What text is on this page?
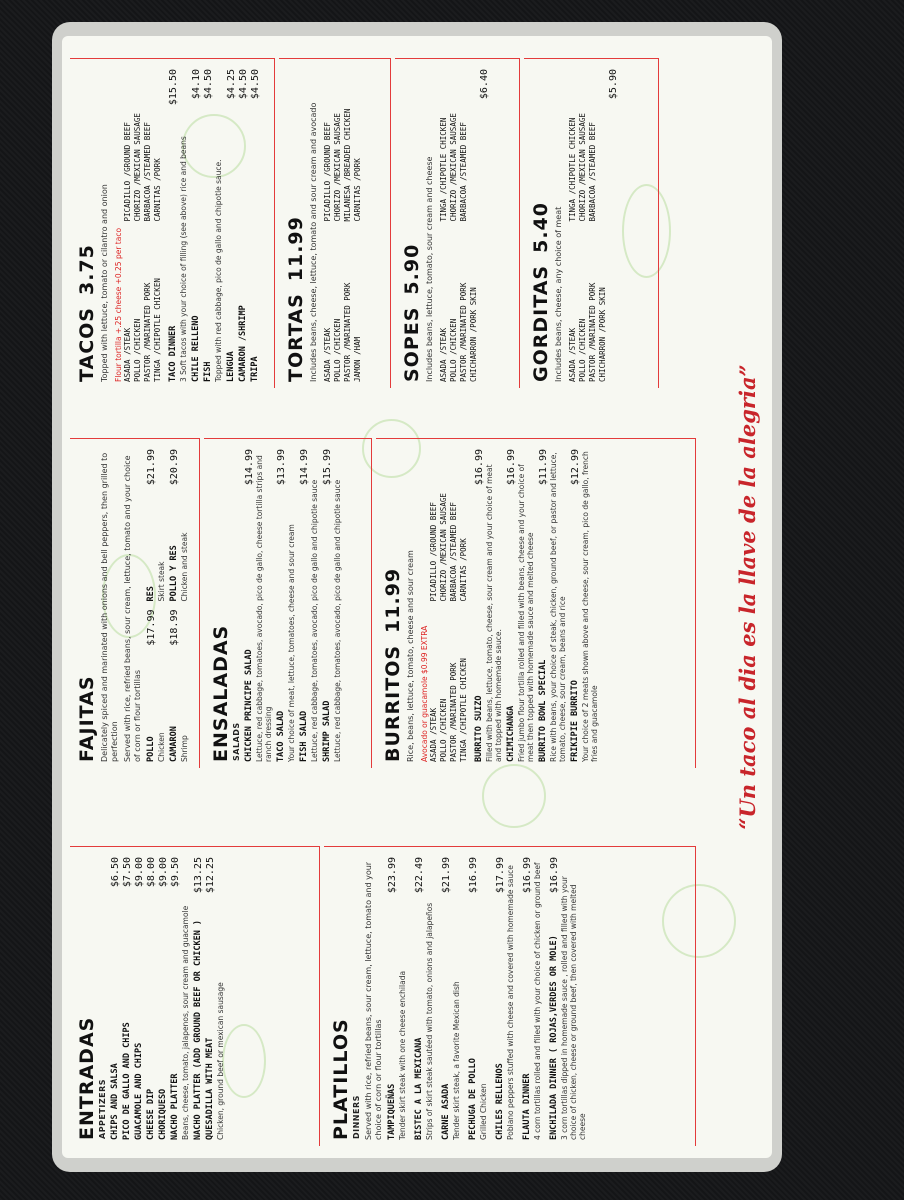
ENTRADAS APPETIZERS CHIPS AND SALSA
$6.50
PICO DE GALLO AND CHIPS
$7.50
GUACAMOLE AND CHIPS
$9.00
CHEESE DIP
$8.00
CHORIQUESO
$9.00
NACHO PLATTER
$9.50
Beans, cheese, tomato, jalapenos, sour cream and guacamole NACHO PLATTER (ADD GROUND BEEF OR CHICKEN )
$13.25
QUESADILLA WITH MEAT
$12.25
Chicken, ground beef or mexican sausage	PLATILLOS DINNERS Served with rice, refried beans, sour cream, lettuce, tomato and your choice of corn or flour tortillas TAMPIQUEÑAS
$23.99
Tender skirt steak with one cheese enchilada BISTEC A LA MEXICANA
$22.49
Strips of skirt steak sautéed with tomato, onions and jalapeños CARNE ASADA
$21.99
Tender skirt steak, a favorite Mexican dish PECHUGA DE POLLO
$16.99
Grilled Chicken CHILES RELLENOS
$17.99 Poblano peppers stuffed with cheese and covered with homemade sauce FLAUTA DINNER
$16.99 4 corn tortillas rolled and filled with your choice of chicken or ground beef ENCHILADA DINNER ( ROJAS,VERDES OR MOLE)
$16.99
3 corn tortillas dipped in homemade sauce , rolled and filled with your choice of chicken, cheese or ground beef, then covered with melted cheese
FAJITAS Delicately spiced and marinated with onions and bell peppers, then grilled to perfection Served with rice, refried beans, sour cream, lettuce, tomato and your choice of corn or flour tortillas POLLO
$17.99
Chicken CAMARON
$18.99
Shrimp
RES
$21.99
Skirt steak POLLO Y RES
$20.99
Chicken and steak
ENSALADAS SALADS CHICKEN PRINCIPE SALAD
$14.99 Lettuce, red cabbage, tomatoes, avocado, pico de gallo, cheese tortilla strips and ranch dressing TACO SALAD
$13.99
Your choice of meat, lettuce, tomatoes, cheese and sour cream FISH SALAD
$14.99
Lettuce, red cabbage, tomatoes, avocado, pico de gallo and chipotle sauce SHRIMP SALAD
$15.99
Lettuce, red cabbage, tomatoes, avocado, pico de gallo and chipotle sauce BURRITOS11.99 Rice, beans, lettuce, tomato, cheese and sour cream Avocado or guacamole $0.99 EXTRA ASADA /STEAK
PICADILLO /GROUND BEEF
POLLO /CHICKEN
CHORIZO /MEXICAN SAUSAGE
PASTOR /MARINATED PORK
BARBACOA /STEAMED BEEF
TINGA /CHIPOTLE CHICKEN
CARNITAS /PORK
BURRITO SUIZO
$16.99 Filled with beans, lettuce, tomato, cheese, sour cream and your choice of meat and topped with homemade sauce. CHIMICHANGA
$16.99 Fried jumbo flour tortilla rolled and filled with beans, cheese and your choice of meat then topped with homemade sauce and melted cheese BURRITO BOWL SPECIAL
$11.99 Rice with beans, your choice of steak, chicken, ground beef, or pastor and lettuce, tomato, cheese, sour cream, beans and rice FRIKIPIE BURRITO
$12.99 Your choice of 2 meats shown above and cheese, sour cream, pico de gallo, french fries and guacamole
TACOS3.75 Topped with lettuce, tomato or cilantro and onion Flour tortilla +.25 cheese +0.25 per taco ASADA /STEAK
PICADILLO /GROUND BEEF
POLLO /CHICKEN
CHORIZO /MEXICAN SAUSAGE
PASTOR /MARINATED PORK
BARBACOA /STEAMED BEEF
TINGA /CHIPOTLE CHICKEN
CARNITAS /PORK
TACO DINNER
$15.50
3 Soft tacos with your choice of filling (see above) rice and beans CHILE RELLENO
$4.10
FISH
$4.50
Topped with red cabbage, pico de gallo and chipotle sauce. LENGUA
$4.25
CAMARON /SHRIMP
$4.50
TRIPA
$4.50
TORTAS11.99 Includes beans, cheese, lettuce, tomato and sour cream and avocado ASADA /STEAK
PICADILLO /GROUND BEEF
POLLO /CHICKEN
CHORIZO /MEXICAN SAUSAGE
PASTOR /MARINATED PORK
MILANESA /BREADED CHICKEN
JAMON /HAM
CARNITAS /PORK
SOPES5.90 Includes beans, lettuce, tomato, sour cream and cheese ASADA /STEAK
TINGA /CHIPOTLE CHICKEN
POLLO /CHICKEN
CHORIZO /MEXICAN SAUSAGE
PASTOR /MARINATED PORK
BARBACOA /STEAMED BEEF
CHICHARRON /PORK SKIN
$6.40
GORDITAS5.40 Includes beans, cheese, any choice of meat ASADA /STEAK
TINGA /CHIPOTLE CHICKEN
POLLO /CHICKEN
CHORIZO /MEXICAN SAUSAGE
PASTOR /MARINATED PORK
BARBACOA /STEAMED BEEF
CHICHARRON /PORK SKIN
$5.90
“Un taco al dia es la llave de la alegria”
